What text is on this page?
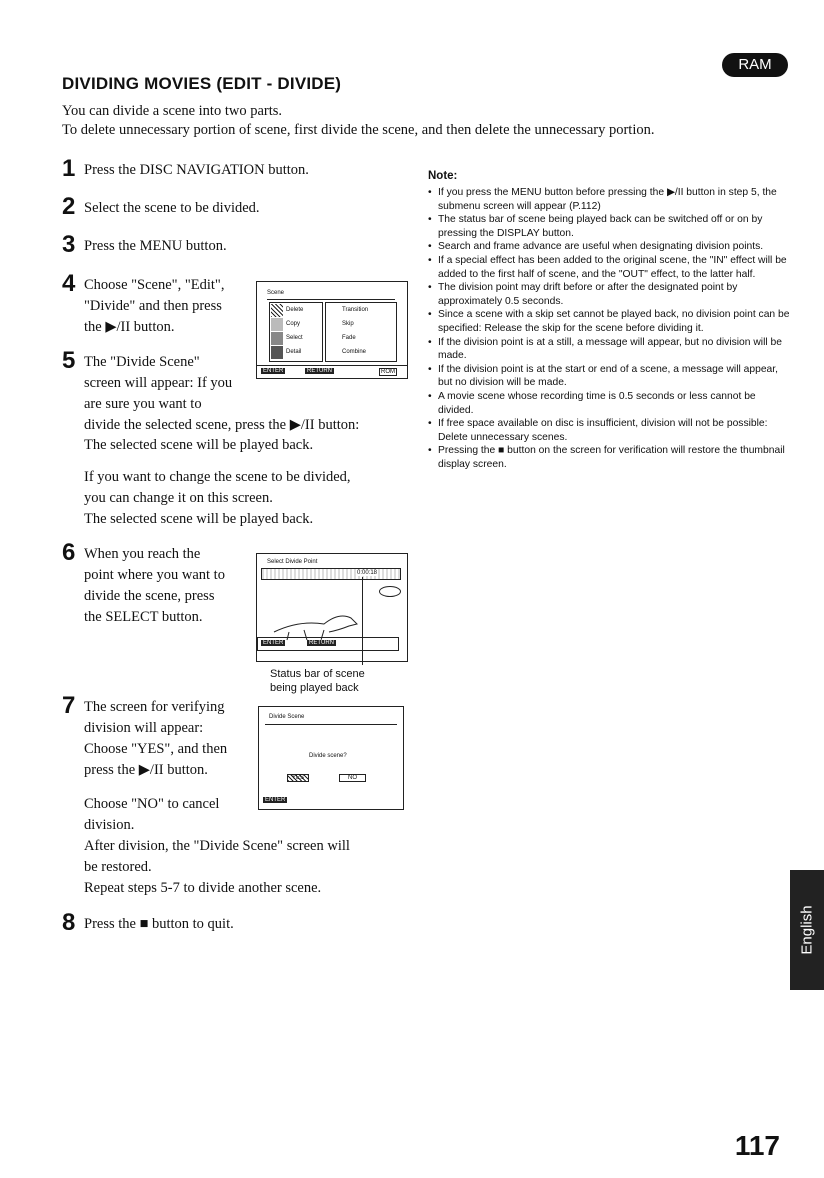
RAM
DIVIDING MOVIES (EDIT - DIVIDE)
You can divide a scene into two parts.
To delete unnecessary portion of scene, first divide the scene, and then delete the unnecessary portion.
1 Press the DISC NAVIGATION button.
2 Select the scene to be divided.
3 Press the MENU button.
4 Choose "Scene", "Edit",
"Divide" and then press
the ▶/II button.
5 The "Divide Scene"
screen will appear: If you
are sure you want to
divide the selected scene, press the ▶/II button:
The selected scene will be played back.
If you want to change the scene to be divided,
you can change it on this screen.
The selected scene will be played back.
6 When you reach the
point where you want to
divide the scene, press
the SELECT button.
7 The screen for verifying
division will appear:
Choose "YES", and then
press the ▶/II button.
Choose "NO" to cancel
division.
After division, the "Divide Scene" screen will
be restored.
Repeat steps 5-7 to divide another scene.
8 Press the ■ button to quit.
Scene
Delete
Copy
Select
Detail
Transition
Skip
Fade
Combine
ENTER	RETURN	ROM
Select Divide Point
0:00:18
ENTER	RETURN
Status bar of scene
being played back
Divide Scene
Divide scene?
YES	NO
ENTER
Note:
• If you press the MENU button before pressing the ▶/II button in step 5, the submenu screen will appear (P.112)
• The status bar of scene being played back can be switched off or on by pressing the DISPLAY button.
• Search and frame advance are useful when designating division points.
• If a special effect has been added to the original scene, the "IN" effect will be added to the first half of scene, and the "OUT" effect, to the latter half.
• The division point may drift before or after the designated point by approximately 0.5 seconds.
• Since a scene with a skip set cannot be played back, no division point can be specified: Release the skip for the scene before dividing it.
• If the division point is at a still, a message will appear, but no division will be made.
• If the division point is at the start or end of a scene, a message will appear, but no division will be made.
• A movie scene whose recording time is 0.5 seconds or less cannot be divided.
• If free space available on disc is insufficient, division will not be possible: Delete unnecessary scenes.
• Pressing the ■ button on the screen for verification will restore the thumbnail display screen.
English
117
